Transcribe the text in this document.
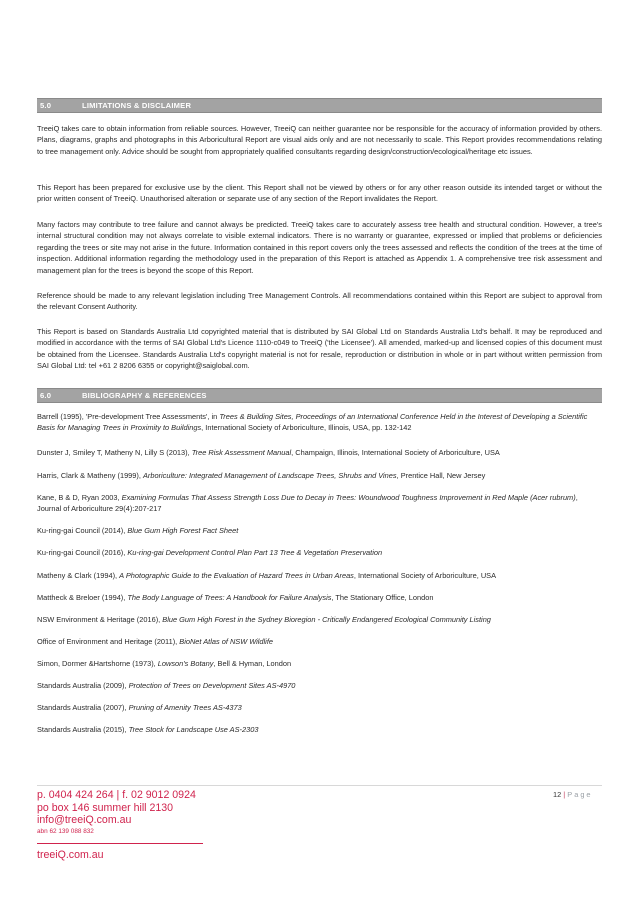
5.0	LIMITATIONS & DISCLAIMER
TreeiQ takes care to obtain information from reliable sources. However, TreeiQ can neither guarantee nor be responsible for the accuracy of information provided by others. Plans, diagrams, graphs and photographs in this Arboricultural Report are visual aids only and are not necessarily to scale. This Report provides recommendations relating to tree management only. Advice should be sought from appropriately qualified consultants regarding design/construction/ecological/heritage etc issues.
This Report has been prepared for exclusive use by the client. This Report shall not be viewed by others or for any other reason outside its intended target or without the prior written consent of TreeiQ. Unauthorised alteration or separate use of any section of the Report invalidates the Report.
Many factors may contribute to tree failure and cannot always be predicted. TreeiQ takes care to accurately assess tree health and structural condition. However, a tree's internal structural condition may not always correlate to visible external indicators. There is no warranty or guarantee, expressed or implied that problems or deficiencies regarding the trees or site may not arise in the future. Information contained in this report covers only the trees assessed and reflects the condition of the trees at the time of inspection. Additional information regarding the methodology used in the preparation of this Report is attached as Appendix 1. A comprehensive tree risk assessment and management plan for the trees is beyond the scope of this Report.
Reference should be made to any relevant legislation including Tree Management Controls. All recommendations contained within this Report are subject to approval from the relevant Consent Authority.
This Report is based on Standards Australia Ltd copyrighted material that is distributed by SAI Global Ltd on Standards Australia Ltd's behalf. It may be reproduced and modified in accordance with the terms of SAI Global Ltd's Licence 1110-c049 to TreeiQ ('the Licensee'). All amended, marked-up and licensed copies of this document must be obtained from the Licensee. Standards Australia Ltd's copyright material is not for resale, reproduction or distribution in whole or in part without written permission from SAI Global Ltd: tel +61 2 8206 6355 or copyright@saiglobal.com.
6.0	BIBLIOGRAPHY & REFERENCES
Barrell (1995), 'Pre-development Tree Assessments', in Trees & Building Sites, Proceedings of an International Conference Held in the Interest of Developing a Scientific Basis for Managing Trees in Proximity to Buildings, International Society of Arboriculture, Illinois, USA, pp. 132-142
Dunster J, Smiley T, Matheny N, Lilly S (2013), Tree Risk Assessment Manual, Champaign, Illinois, International Society of Arboriculture, USA
Harris, Clark & Matheny (1999), Arboriculture: Integrated Management of Landscape Trees, Shrubs and Vines, Prentice Hall, New Jersey
Kane, B & D, Ryan 2003, Examining Formulas That Assess Strength Loss Due to Decay in Trees: Woundwood Toughness Improvement in Red Maple (Acer rubrum), Journal of Arboriculture 29(4):207-217
Ku-ring-gai Council (2014), Blue Gum High Forest Fact Sheet
Ku-ring-gai Council (2016), Ku-ring-gai Development Control Plan Part 13 Tree & Vegetation Preservation
Matheny & Clark (1994), A Photographic Guide to the Evaluation of Hazard Trees in Urban Areas, International Society of Arboriculture, USA
Mattheck & Breloer (1994), The Body Language of Trees: A Handbook for Failure Analysis, The Stationary Office, London
NSW Environment & Heritage (2016), Blue Gum High Forest in the Sydney Bioregion - Critically Endangered Ecological Community Listing
Office of Environment and Heritage (2011), BioNet Atlas of NSW Wildlife
Simon, Dormer &Hartshorne (1973), Lowson's Botany, Bell & Hyman, London
Standards Australia (2009), Protection of Trees on Development Sites AS-4970
Standards Australia (2007), Pruning of Amenity Trees AS-4373
Standards Australia (2015), Tree Stock for Landscape Use AS-2303
p. 0404 424 264 | f. 02 9012 0924
po box 146 summer hill 2130
info@treeiQ.com.au
abn 62 139 088 832
treeiQ.com.au
12 | Page
